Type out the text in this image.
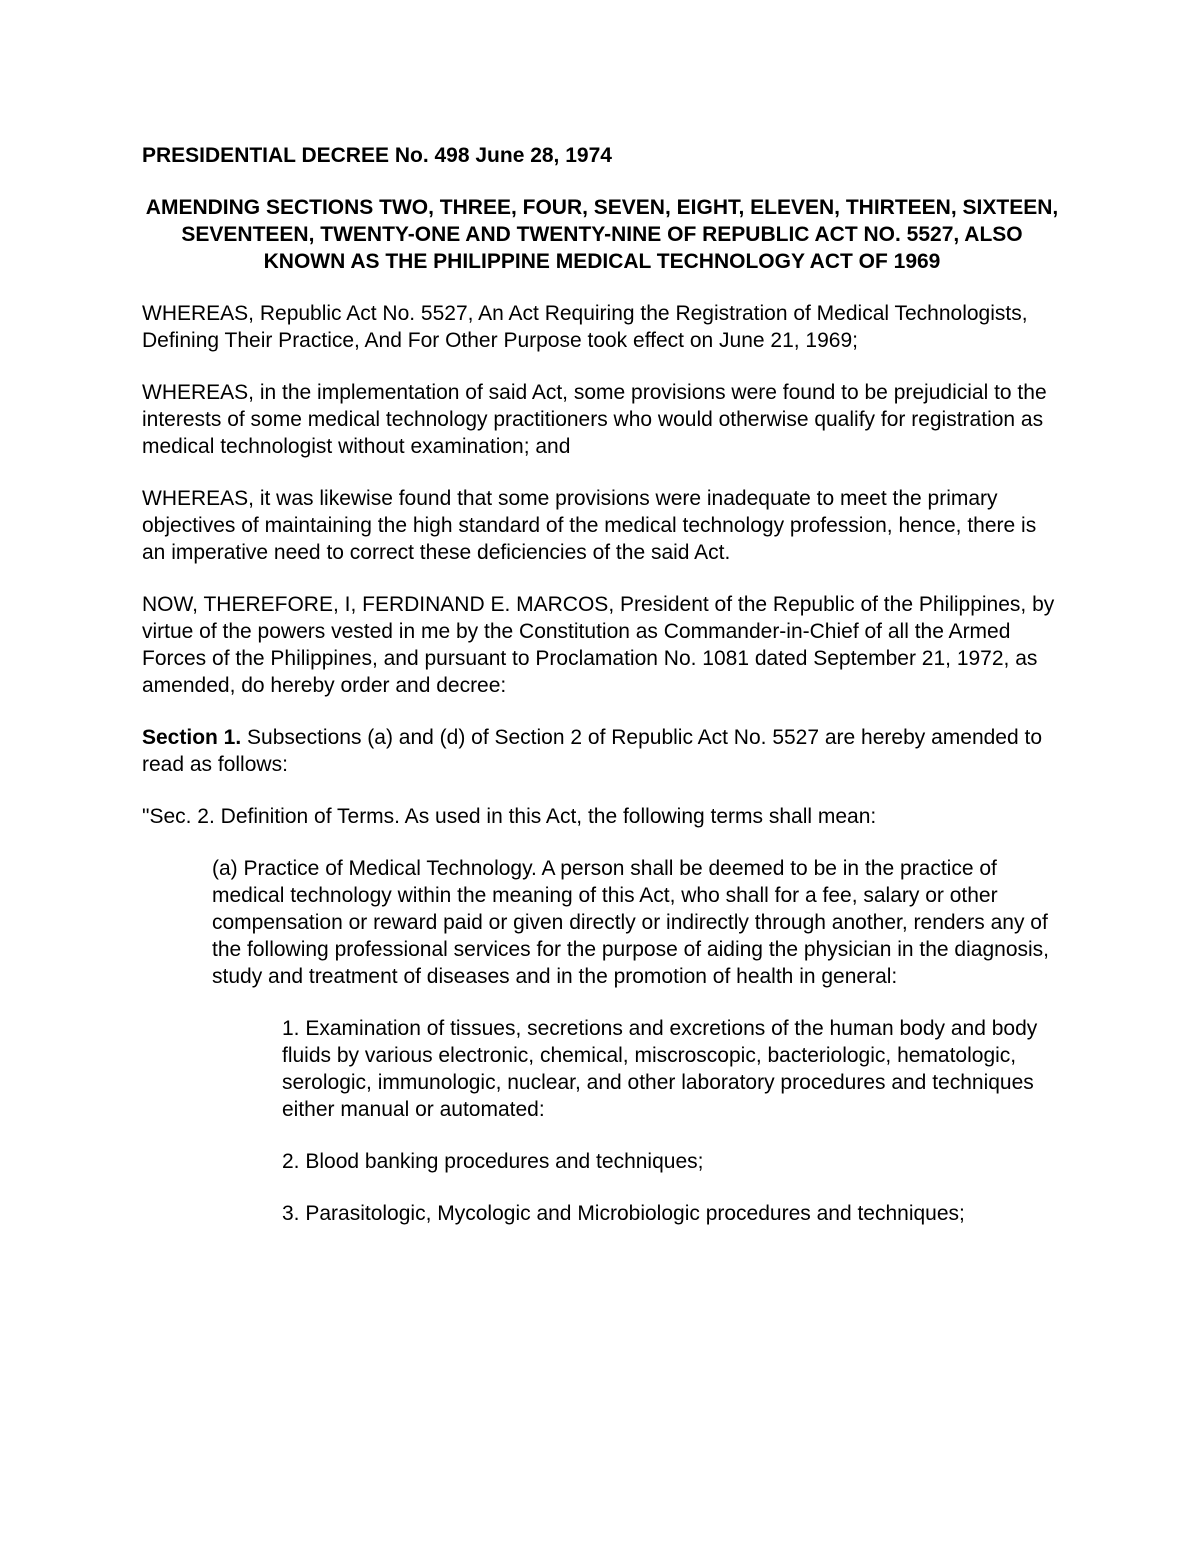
PRESIDENTIAL DECREE No. 498 June 28, 1974

AMENDING SECTIONS TWO, THREE, FOUR, SEVEN, EIGHT, ELEVEN, THIRTEEN, SIXTEEN, SEVENTEEN, TWENTY-ONE AND TWENTY-NINE OF REPUBLIC ACT NO. 5527, ALSO KNOWN AS THE PHILIPPINE MEDICAL TECHNOLOGY ACT OF 1969

WHEREAS, Republic Act No. 5527, An Act Requiring the Registration of Medical Technologists, Defining Their Practice, And For Other Purpose took effect on June 21, 1969;

WHEREAS, in the implementation of said Act, some provisions were found to be prejudicial to the interests of some medical technology practitioners who would otherwise qualify for registration as medical technologist without examination; and

WHEREAS, it was likewise found that some provisions were inadequate to meet the primary objectives of maintaining the high standard of the medical technology profession, hence, there is an imperative need to correct these deficiencies of the said Act.

NOW, THEREFORE, I, FERDINAND E. MARCOS, President of the Republic of the Philippines, by virtue of the powers vested in me by the Constitution as Commander-in-Chief of all the Armed Forces of the Philippines, and pursuant to Proclamation No. 1081 dated September 21, 1972, as amended, do hereby order and decree:

Section 1. Subsections (a) and (d) of Section 2 of Republic Act No. 5527 are hereby amended to read as follows:

"Sec. 2. Definition of Terms. As used in this Act, the following terms shall mean:

(a) Practice of Medical Technology. A person shall be deemed to be in the practice of medical technology within the meaning of this Act, who shall for a fee, salary or other compensation or reward paid or given directly or indirectly through another, renders any of the following professional services for the purpose of aiding the physician in the diagnosis, study and treatment of diseases and in the promotion of health in general:

1. Examination of tissues, secretions and excretions of the human body and body fluids by various electronic, chemical, miscroscopic, bacteriologic, hematologic, serologic, immunologic, nuclear, and other laboratory procedures and techniques either manual or automated:

2. Blood banking procedures and techniques;

3. Parasitologic, Mycologic and Microbiologic procedures and techniques;
